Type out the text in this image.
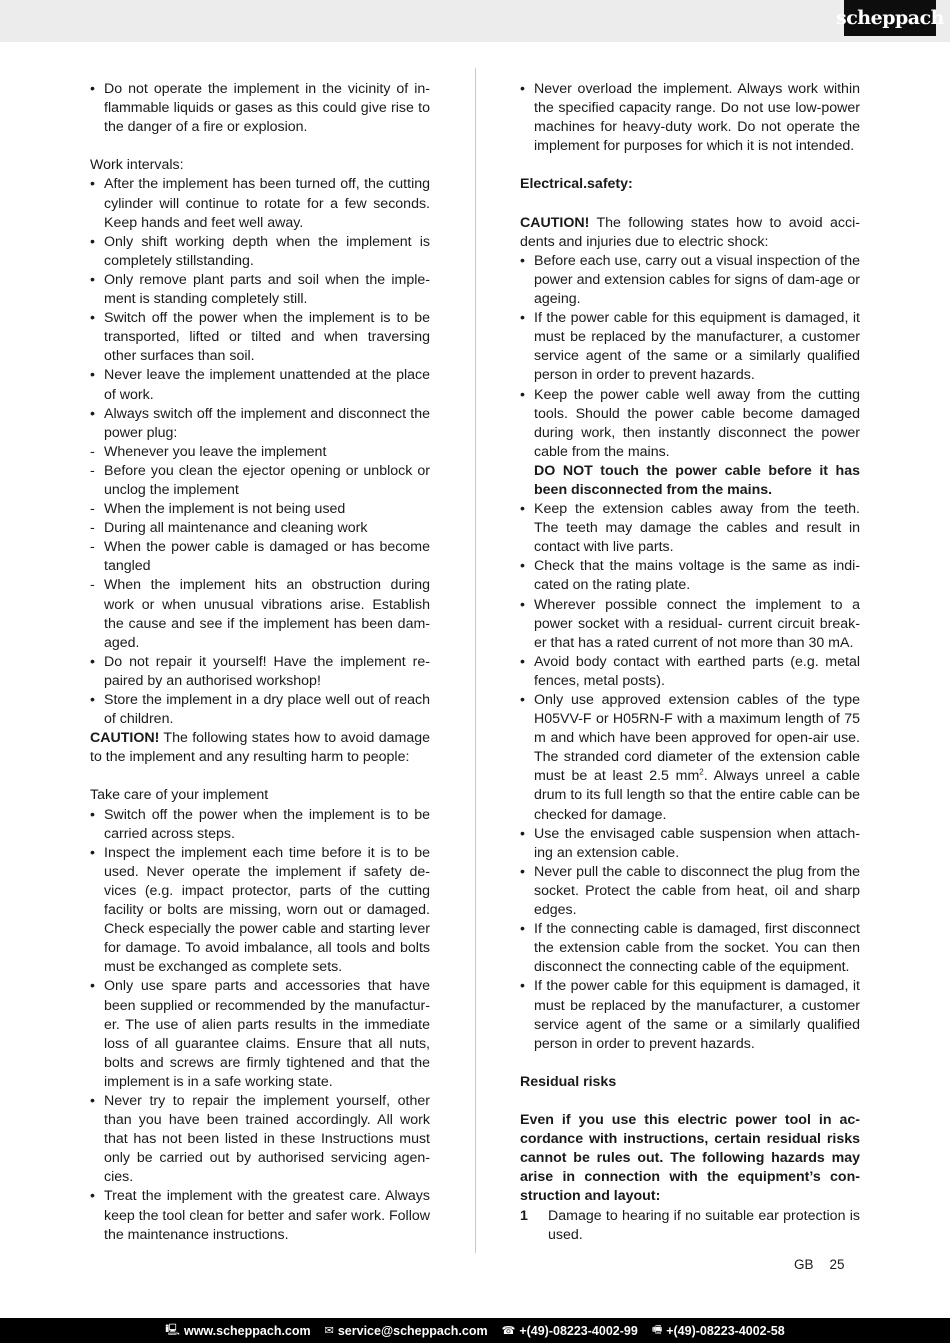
scheppach
• Do not operate the implement in the vicinity of in-flammable liquids or gases as this could give rise to the danger of a fire or explosion.

Work intervals:

• After the implement has been turned off, the cutting cylinder will continue to rotate for a few seconds. Keep hands and feet well away.
• Only shift working depth when the implement is completely stillstanding.
• Only remove plant parts and soil when the imple-ment is standing completely still.
• Switch off the power when the implement is to be transported, lifted or tilted and when traversing other surfaces than soil.
• Never leave the implement unattended at the place of work.
• Always switch off the implement and disconnect the power plug:
- Whenever you leave the implement
- Before you clean the ejector opening or unblock or unclog the implement
- When the implement is not being used
- During all maintenance and cleaning work
- When the power cable is damaged or has become tangled
- When the implement hits an obstruction during work or when unusual vibrations arise. Establish the cause and see if the implement has been dam-aged.
• Do not repair it yourself! Have the implement re-paired by an authorised workshop!
• Store the implement in a dry place well out of reach of children.

CAUTION! The following states how to avoid damage to the implement and any resulting harm to people:

Take care of your implement

• Switch off the power when the implement is to be carried across steps.
• Inspect the implement each time before it is to be used. Never operate the implement if safety de-vices (e.g. impact protector, parts of the cutting facility or bolts are missing, worn out or damaged. Check especially the power cable and starting lever for damage. To avoid imbalance, all tools and bolts must be exchanged as complete sets.
• Only use spare parts and accessories that have been supplied or recommended by the manufactur-er. The use of alien parts results in the immediate loss of all guarantee claims. Ensure that all nuts, bolts and screws are firmly tightened and that the implement is in a safe working state.
• Never try to repair the implement yourself, other than you have been trained accordingly. All work that has not been listed in these Instructions must only be carried out by authorised servicing agen-cies.
• Treat the implement with the greatest care. Always keep the tool clean for better and safer work. Follow the maintenance instructions.
• Never overload the implement. Always work within the specified capacity range. Do not use low-power machines for heavy-duty work. Do not operate the implement for purposes for which it is not intended.

Electrical.safety:

CAUTION! The following states how to avoid acci-dents and injuries due to electric shock:

• Before each use, carry out a visual inspection of the power and extension cables for signs of dam-age or ageing.
• If the power cable for this equipment is damaged, it must be replaced by the manufacturer, a customer service agent of the same or a similarly qualified person in order to prevent hazards.
• Keep the power cable well away from the cutting tools. Should the power cable become damaged during work, then instantly disconnect the power cable from the mains.

DO NOT touch the power cable before it has been disconnected from the mains.

• Keep the extension cables away from the teeth. The teeth may damage the cables and result in contact with live parts.
• Check that the mains voltage is the same as indi-cated on the rating plate.
• Wherever possible connect the implement to a power socket with a residual- current circuit break-er that has a rated current of not more than 30 mA.
• Avoid body contact with earthed parts (e.g. metal fences, metal posts).
• Only use approved extension cables of the type H05VV-F or H05RN-F with a maximum length of 75 m and which have been approved for open-air use. The stranded cord diameter of the extension cable must be at least 2.5 $mm^2$. Always unreel a cable drum to its full length so that the entire cable can be checked for damage.
• Use the envisaged cable suspension when attach-ing an extension cable.
• Never pull the cable to disconnect the plug from the socket. Protect the cable from heat, oil and sharp edges.
• If the connecting cable is damaged, first disconnect the extension cable from the socket. You can then disconnect the connecting cable of the equipment.
• If the power cable for this equipment is damaged, it must be replaced by the manufacturer, a customer service agent of the same or a similarly qualified person in order to prevent hazards.

Residual risks

Even if you use this electric power tool in ac-cordance with instructions, certain residual risks cannot be rules out. The following hazards may arise in connection with the equipment’s con-struction and layout:

1 Damage to hearing if no suitable ear protection is used.
GB 25
🖳 www.scheppach.com ✉ service@scheppach.com ☎ +(49)-08223-4002-99 🖷 +(49)-08223-4002-58
